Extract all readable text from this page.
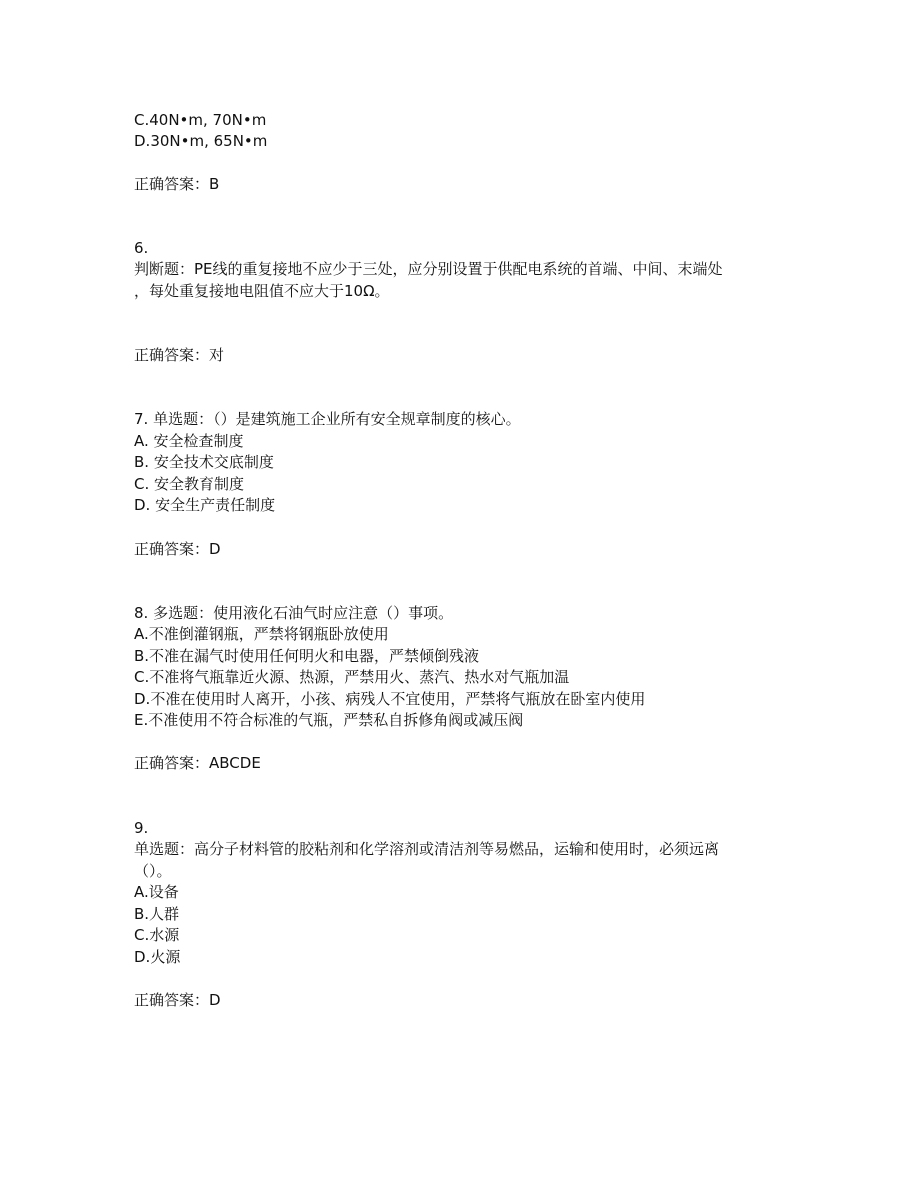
C.40N•m, 70N•m
D.30N•m, 65N•m
正确答案：B
6.
判断题：PE线的重复接地不应少于三处，应分别设置于供配电系统的首端、中间、末端处
，每处重复接地电阻值不应大于10Ω。
正确答案：对
7. 单选题：（）是建筑施工企业所有安全规章制度的核心。
A. 安全检查制度
B. 安全技术交底制度
C. 安全教育制度
D. 安全生产责任制度
正确答案：D
8. 多选题：使用液化石油气时应注意（）事项。
A.不准倒灌钢瓶，严禁将钢瓶卧放使用
B.不准在漏气时使用任何明火和电器，严禁倾倒残液
C.不准将气瓶靠近火源、热源，严禁用火、蒸汽、热水对气瓶加温
D.不准在使用时人离开，小孩、病残人不宜使用，严禁将气瓶放在卧室内使用
E.不准使用不符合标准的气瓶，严禁私自拆修角阀或减压阀
正确答案：ABCDE
9.
单选题：高分子材料管的胶粘剂和化学溶剂或清洁剂等易燃品，运输和使用时，必须远离
（）。
A.设备
B.人群
C.水源
D.火源
正确答案：D
